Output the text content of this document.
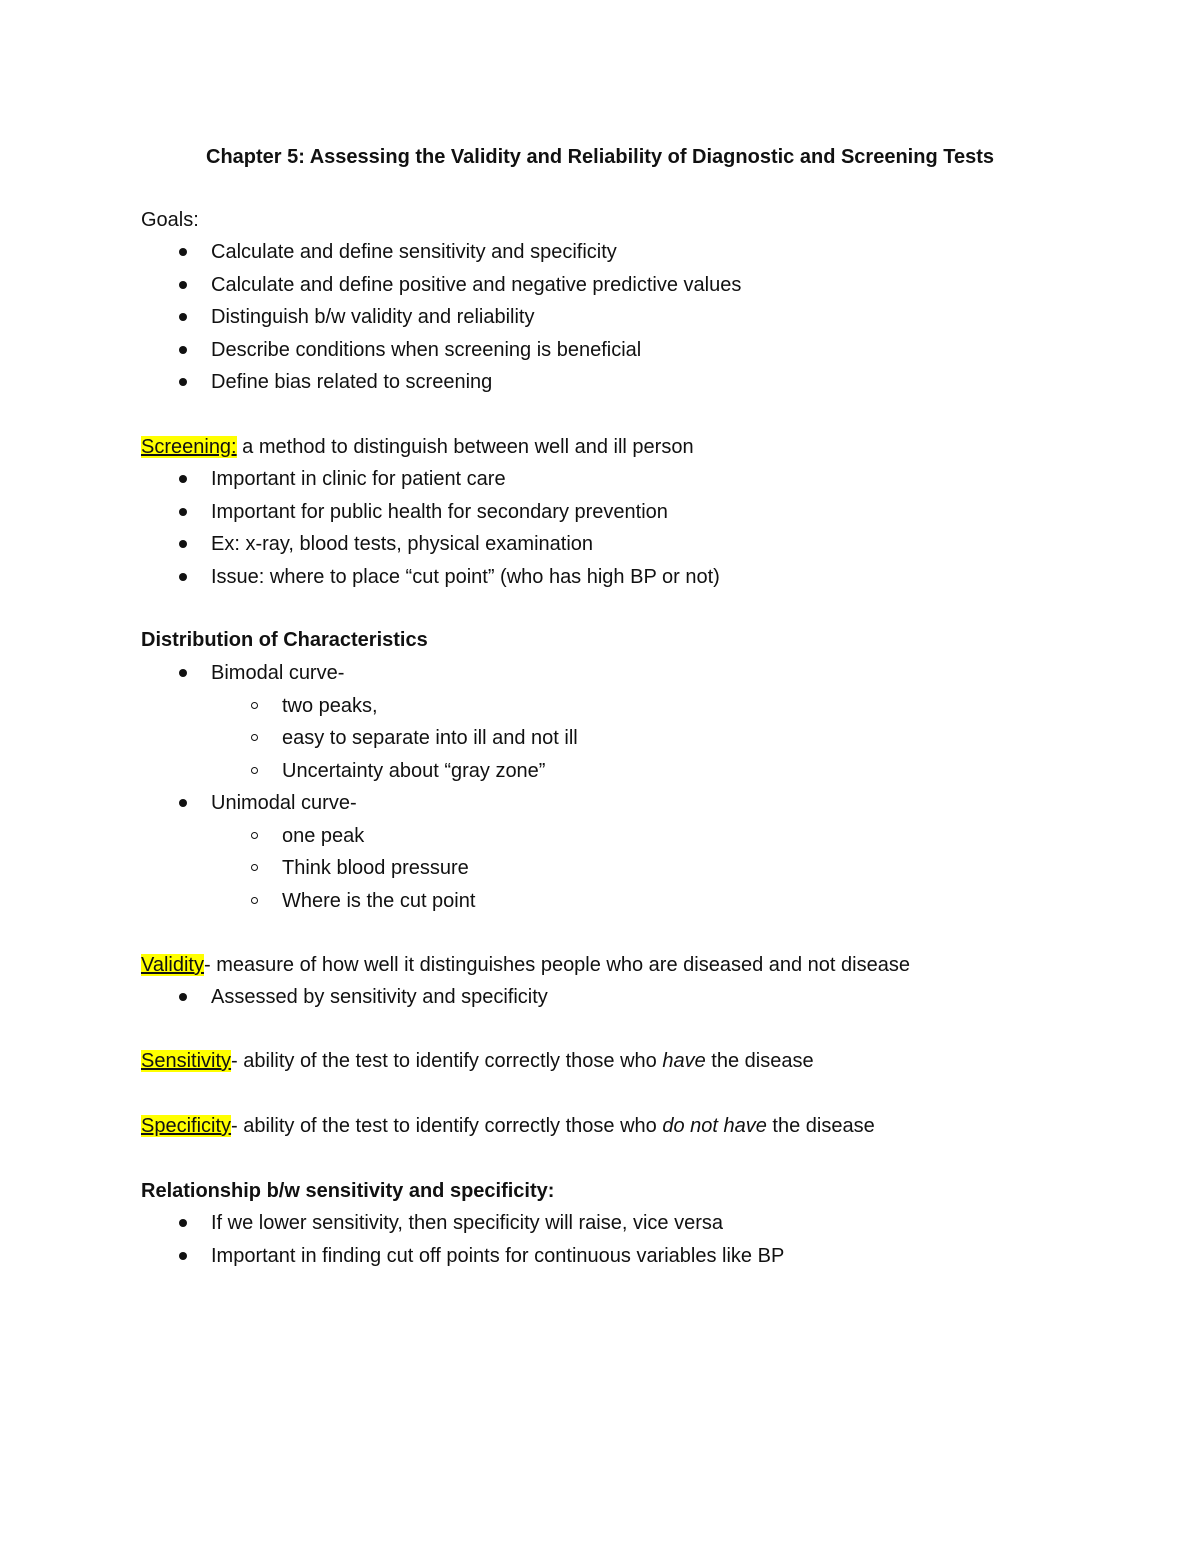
Chapter 5: Assessing the Validity and Reliability of Diagnostic and Screening Tests
Goals:
Calculate and define sensitivity and specificity
Calculate and define positive and negative predictive values
Distinguish b/w validity and reliability
Describe conditions when screening is beneficial
Define bias related to screening
Screening: a method to distinguish between well and ill person
Important in clinic for patient care
Important for public health for secondary prevention
Ex: x-ray, blood tests, physical examination
Issue: where to place “cut point” (who has high BP or not)
Distribution of Characteristics
Bimodal curve-
two peaks,
easy to separate into ill and not ill
Uncertainty about “gray zone”
Unimodal curve-
one peak
Think blood pressure
Where is the cut point
Validity- measure of how well it distinguishes people who are diseased and not disease
Assessed by sensitivity and specificity
Sensitivity- ability of the test to identify correctly those who have the disease
Specificity- ability of the test to identify correctly those who do not have the disease
Relationship b/w sensitivity and specificity:
If we lower sensitivity, then specificity will raise, vice versa
Important in finding cut off points for continuous variables like BP
